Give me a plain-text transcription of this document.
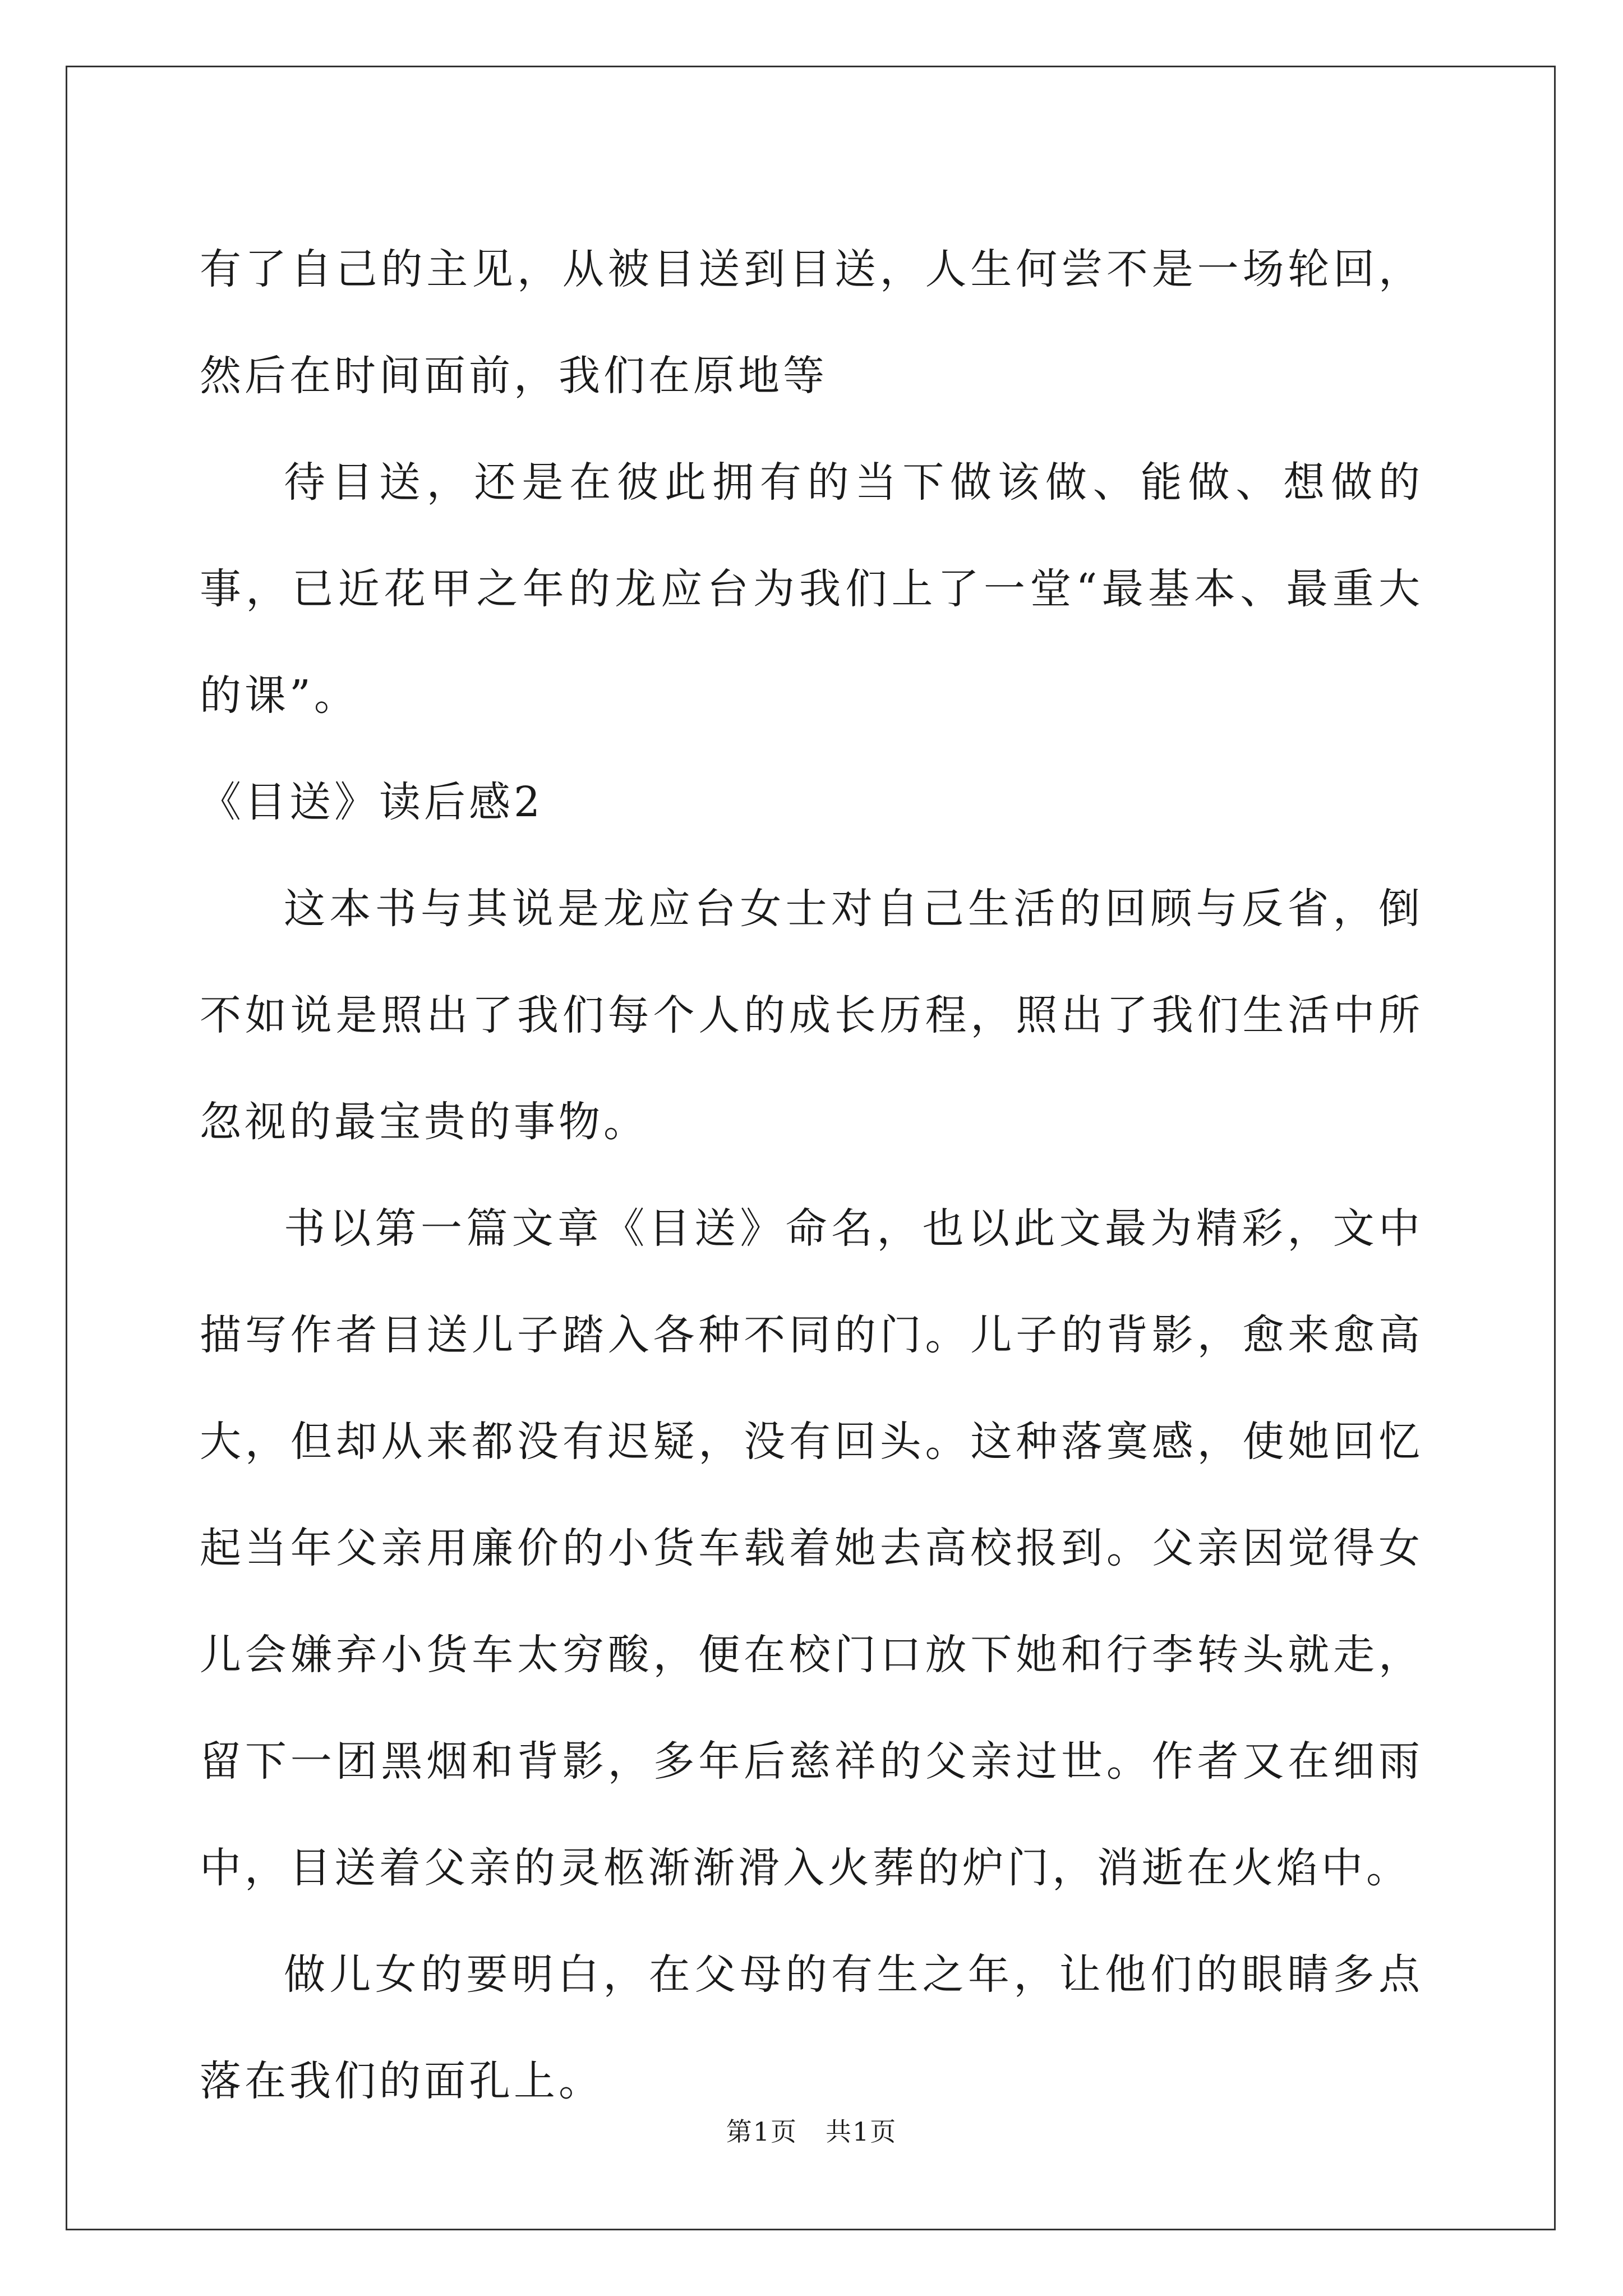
有了自己的主见，从被目送到目送，人生何尝不是一场轮回，然后在时间面前，我们在原地等

待目送，还是在彼此拥有的当下做该做、能做、想做的事，已近花甲之年的龙应台为我们上了一堂“最基本、最重大的课”。

《目送》读后感2

这本书与其说是龙应台女士对自己生活的回顾与反省，倒不如说是照出了我们每个人的成长历程，照出了我们生活中所忽视的最宝贵的事物。

书以第一篇文章《目送》命名，也以此文最为精彩，文中描写作者目送儿子踏入各种不同的门。儿子的背影，愈来愈高大，但却从来都没有迟疑，没有回头。这种落寞感，使她回忆起当年父亲用廉价的小货车载着她去高校报到。父亲因觉得女儿会嫌弃小货车太穷酸，便在校门口放下她和行李转头就走，留下一团黑烟和背影，多年后慈祥的父亲过世。作者又在细雨中，目送着父亲的灵柩渐渐滑入火葬的炉门，消逝在火焰中。

做儿女的要明白，在父母的有生之年，让他们的眼睛多点落在我们的面孔上。

第1页 共1页
